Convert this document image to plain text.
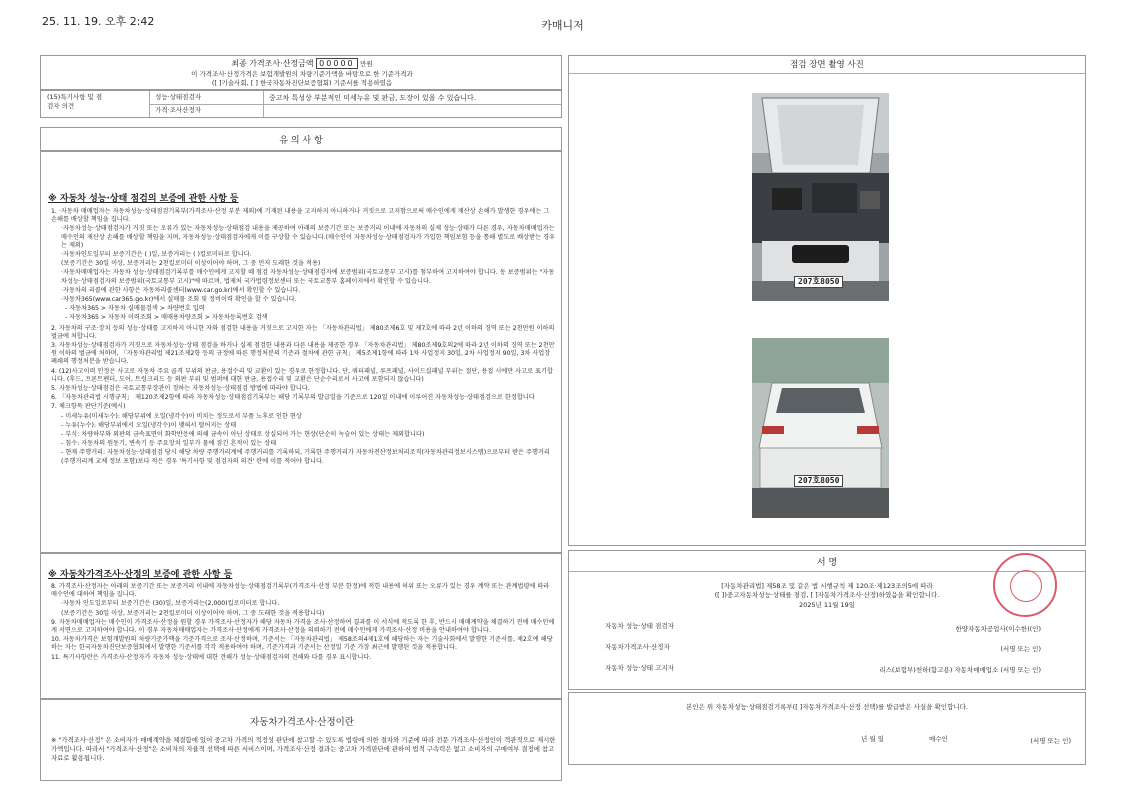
25. 11. 19. 오후 2:42	카매니저
최종 가격조사·산정금액 00000 만원
이 가격조사·산정가격은 보험개발원의 차량기준가액을 바탕으로 한 기준가격과
([ ]기술사회, [ ] 한국자동차진단보증협회) 기준서를 적용하였음
(15)특기사항 및 점검자 의견
성능·상태점검자	중고차 특성상 부분적인 미세누유 및 판금, 도장이 있을 수 있습니다.
가격·조사산정자
유 의 사 항
※ 자동차 성능·상태 점검의 보증에 관한 사항 등
1. ·자동차 매매업자는 자동차성능·상태점검기록부(가격조사·산정 부분 제외)에 기재된 내용을 고지하지 아니하거나 거짓으로 고지함으로써 매수인에게 재산상 손해가 발생한 경우에는 그 손해를 배상할 책임을 집니다.
·자동차성능·상태점검자가 거짓 또는 오류가 있는 자동차성능·상태점검 내용을 제공하여 아래의 보증기간 또는 보증거리 이내에 자동차의 실제 성능·상태가 다른 경우, 자동차매매업자는 매수인의 재산상 손해를 배상할 책임을 지며, 자동차성능·상태점검자에게 이를 구상할 수 있습니다.(매수인이 자동차성능·상태점검자가 가입한 책임보험 등을 통해 별도로 배상받는 경우는 제외)
·자동차인도일부터 보증기간은 ( )일, 보증거리는 ( )킬로미터로 합니다.
(보증기간은 30일 이상, 보증거리는 2천킬로미터 이상이어야 하며, 그 중 먼저 도래한 것을 적용)
·자동차매매업자는 자동차 성능·상태점검기록부를 매수인에게 고지할 때 점검 자동차성능·상태점검자에 보증범위(국토교통부 고시)를 첨부하여 고지하여야 합니다. 동 보증범위는 "자동차성능·상태점검자의 보증범위(국토교통부 고시)"에 따르며, 법제처 국가법령정보센터 또는 국토교통부 홈페이지에서 확인할 수 있습니다.
·자동차의 리콜에 관한 사항은 자동차리콜센터(www.car.go.kr)에서 확인할 수 있습니다.
·자동차365(www.car365.go.kr)에서 실매물 조회 및 정비이력 확인을 할 수 있습니다.
- 자동차365 > 자동차 실매물검색 > 차량번호 입력
- 자동차365 > 자동차 이력조회 > 매매용차량조회 > 자동차등록번호 검색
2. 자동차의 구조·장치 등의 성능·상태를 고지하지 아니한 자와 점검한 내용을 거짓으로 고지한 자는 「자동차관리법」 제80조제6호 및 제7호에 따라 2년 이하의 징역 또는 2천만원 이하의 벌금에 처합니다.
3. 자동차성능·상태점검자가 거짓으로 자동차성능·상태 점검을 하거나 실제 점검한 내용과 다른 내용을 제공한 경우 「자동차관리법」 제80조제9호의2에 따라 2년 이하의 징역 또는 2천만원 이하의 벌금에 처하며, 「자동차관리법 제21조제2항 등의 규정에 따른 행정처분의 기준과 절차에 관한 규칙」 제5조제1항에 따라 1차 사업정지 30일, 2차 사업정지 90일, 3차 사업장 폐쇄의 행정처분을 받습니다.
4. (12)사고이력 인정은 사고로 자동차 주요 골격 부위의 판금, 용접수리 및 교환이 있는 경우로 한정합니다. 단, 쿼터패널, 루프패널, 사이드실패널 부위는 절단, 용접 시에만 사고로 표기합니다. (후드, 프론트펜더, 도어, 트렁크리드 등 외판 부위 및 범퍼에 대한 판금, 용접수리 및 교환은 단순수리로서 사고에 포함되지 않습니다)
5. 자동차성능·상태점검은 국토교통부장관이 정하는 자동차성능·상태점검 방법에 따라야 합니다.
6. 「자동차관리법 시행규칙」 제120조제2항에 따라 자동차성능·상태점검기록부는 해당 기록부의 발급일을 기준으로 120일 이내에 이루어진 자동차성능·상태점검으로 한정합니다
7. 체크항목 판단기준(예시)
- 미세누유(미세누수): 해당부위에 오일(냉각수)이 비치는 정도로서 부품 노후로 인한 현상
- 누유(누수): 해당부위에서 오일(냉각수)이 맺혀서 떨어지는 상태
- 부식: 차량하부와 외판의 금속표면이 화학반응에 의해 금속이 아닌 상태로 상실되어 가는 현상(단순히 녹슬어 있는 상태는 제외합니다)
- 침수: 자동차의 원동기, 변속기 등 주요장치 일부가 물에 잠긴 흔적이 있는 상태
- 현재 주행거리: 자동차성능·상태점검 당시 해당 차량 주행거리계에 주행거리를 기록하되, 기록한 주행거리가 자동차전산정보처리조직(자동차관리정보시스템)으로부터 받은 주행거리(주행거리계 교체 정보 포함)보다 적은 경우 '특기사항 및 점검자의 의견' 란에 이를 적어야 합니다.
※ 자동차가격조사·산정의 보증에 관한 사항 등
8. 가격조사·산정자는 아래의 보증기간 또는 보증거리 이내에 자동차성능·상태점검기록부(가격조사·산정 부분 한정)에 적힌 내용에 허위 또는 오류가 있는 경우 계약 또는 관계법령에 따라 매수인에 대하여 책임을 집니다.
·자동차 인도일로부터 보증기간은 (30)일, 보증거리는(2,000)킬로미터로 합니다.
(보증기간은 30일 이상, 보증거리는 2천킬로미터 이상이어야 하며, 그 중 도래한 것을 적용합니다)
9. 자동차매매업자는 매수인이 가격조사·산정을 원할 경우 가격조사·산정자가 해당 자동차 가격을 조사·산정하여 결과를 이 서식에 적도록 한 후, 반드시 매매계약을 체결하기 전에 매수인에게 서면으로 고지하여야 합니다. 이 경우 자동차매매업자는 가격조사·산정에게 가격조사·산정을 의뢰하기 전에 매수인에게 가격조사·산정 비용을 안내하여야 합니다.
10. 자동차가격은 보험개발원의 차량기준가액을 기준가격으로 조사·산정하며, 기준서는 「자동차관리법」 제58조의4제1호에 해당하는 자는 기술사회에서 발행한 기준서를, 제2호에 해당하는 자는 한국자동차진단보증협회에서 발행한 기준서를 각각 적용하여야 하며, 기준가격과 기준서는 산정일 기준 가장 최근에 발행된 것을 적용합니다.
11. 특기사항란은 가격조사·산정자가 자동차 성능·상태에 대한 견해가 성능·상태점검자의 견해와 다를 경우 표시합니다.
자동차가격조사·산정이란
※ "가격조사·산정" 은 소비자가 매매계약을 체결함에 있어 중고차 가격의 적정성 판단에 참고할 수 있도록 법령에 의한 절차와 기준에 따라 전문 가격조사·산정인이 객관적으로 제시한 가액입니다. 따라서 "가격조사·산정"은 소비자의 자율적 선택에 따른 서비스이며, 가격조사·산정 결과는 중고차 가격판단에 관하여 법적 구속력은 없고 소비자의 구매여부 결정에 참고자료로 활용됩니다.
점검 장면 촬영 사진
207호8050
207호8050
서 명
[자동차관리법] 제58조 및 같은 법 시행규칙 제 120조·제123조의5에 따라
([ ])중고자동차성능·상태를 점검, [ ]자동차가격조사·산정)하였음을 확인합니다.
2025년 11월 19일
자동차 성능·상태 점검자	한양자동차공업사(이수한)(인)
자동차가격조사·산정자	(서명 또는 인)
자동차 성능·상태 고지자	리스(보험부)천하(함고용) 자동차매매업소 (서명 또는 인)
본인은 위 자동차성능·상태점검기록부([ ]자동차가격조사·산정 선택)를 발급받은 사실을 확인합니다.
년 월 일	매수인	(서명 또는 인)
